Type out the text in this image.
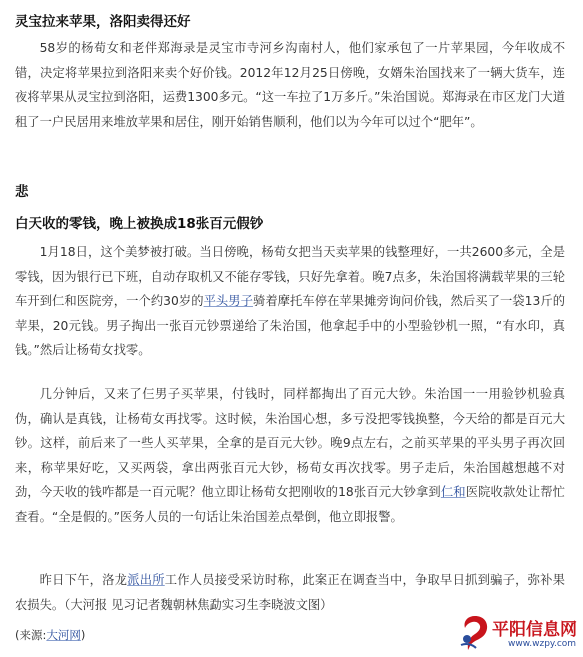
灵宝拉来苹果，洛阳卖得还好

58岁的杨荀女和老伴郑海录是灵宝市寺河乡沟南村人，他们家承包了一片苹果园，今年收成不错，决定将苹果拉到洛阳来卖个好价钱。2012年12月25日傍晚，女婿朱治国找来了一辆大货车，连夜将苹果从灵宝拉到洛阳，运费1300多元。“这一车拉了1万多斤。”朱治国说。郑海录在市区龙门大道租了一户民居用来堆放苹果和居住，刚开始销售顺利，他们以为今年可以过个“肥年”。

悲
白天收的零钱，晚上被换成18张百元假钞

1月18日，这个美梦被打破。当日傍晚，杨荀女把当天卖苹果的钱整理好，一共2600多元，全是零钱，因为银行已下班，自动存取机又不能存零钱，只好先拿着。晚7点多，朱治国将满载苹果的三轮车开到仁和医院旁，一个约30岁的平头男子骑着摩托车停在苹果摊旁询问价钱，然后买了一袋13斤的苹果，20元钱。男子掏出一张百元钞票递给了朱治国，他拿起手中的小型验钞机一照，“有水印，真钱。”然后让杨荀女找零。

几分钟后，又来了仨男子买苹果，付钱时，同样都掏出了百元大钞。朱治国一一用验钞机验真伪，确认是真钱，让杨荀女再找零。这时候，朱治国心想，多亏没把零钱换整，今天给的都是百元大钞。这样，前后来了一些人买苹果，全拿的是百元大钞。晚9点左右，之前买苹果的平头男子再次回来，称苹果好吃，又买两袋，拿出两张百元大钞，杨荀女再次找零。男子走后，朱治国越想越不对劲，今天收的钱咋都是一百元呢？他立即让杨荀女把刚收的18张百元大钞拿到仁和医院收款处让帮忙查看。“全是假的。”医务人员的一句话让朱治国差点晕倒，他立即报警。

昨日下午，洛龙派出所工作人员接受采访时称，此案正在调查当中，争取早日抓到骗子，弥补果农损失。（大河报 见习记者魏朝林焦勐实习生李晓波文图）

(来源:大河网)	平阳信息网
www.wzpy.com
